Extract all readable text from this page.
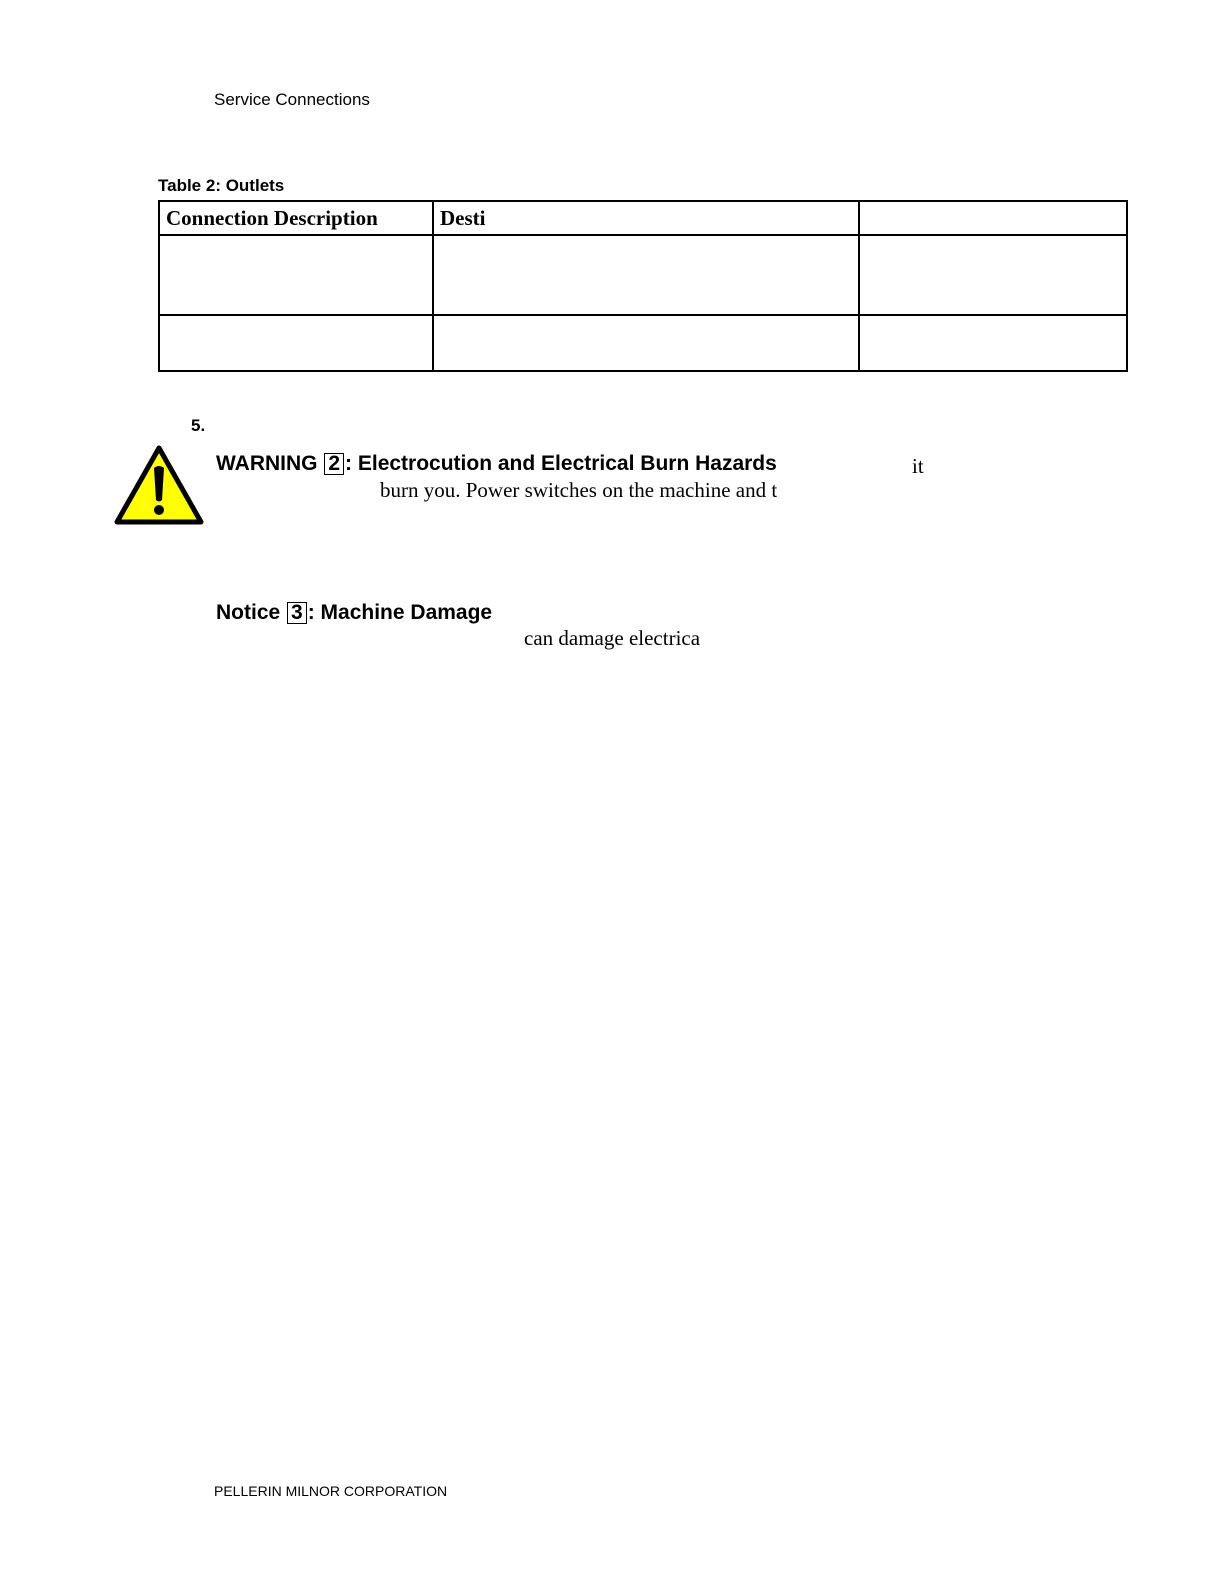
Service Connections
Table 2: Outlets
Connection Description	Desti	

5.
WARNING 2 : Electrocution and Electrical Burn Hazards	it
burn you. Power switches on the machine and t
Notice 3 : Machine Damage
can damage electrica
PELLERIN MILNOR CORPORATION
